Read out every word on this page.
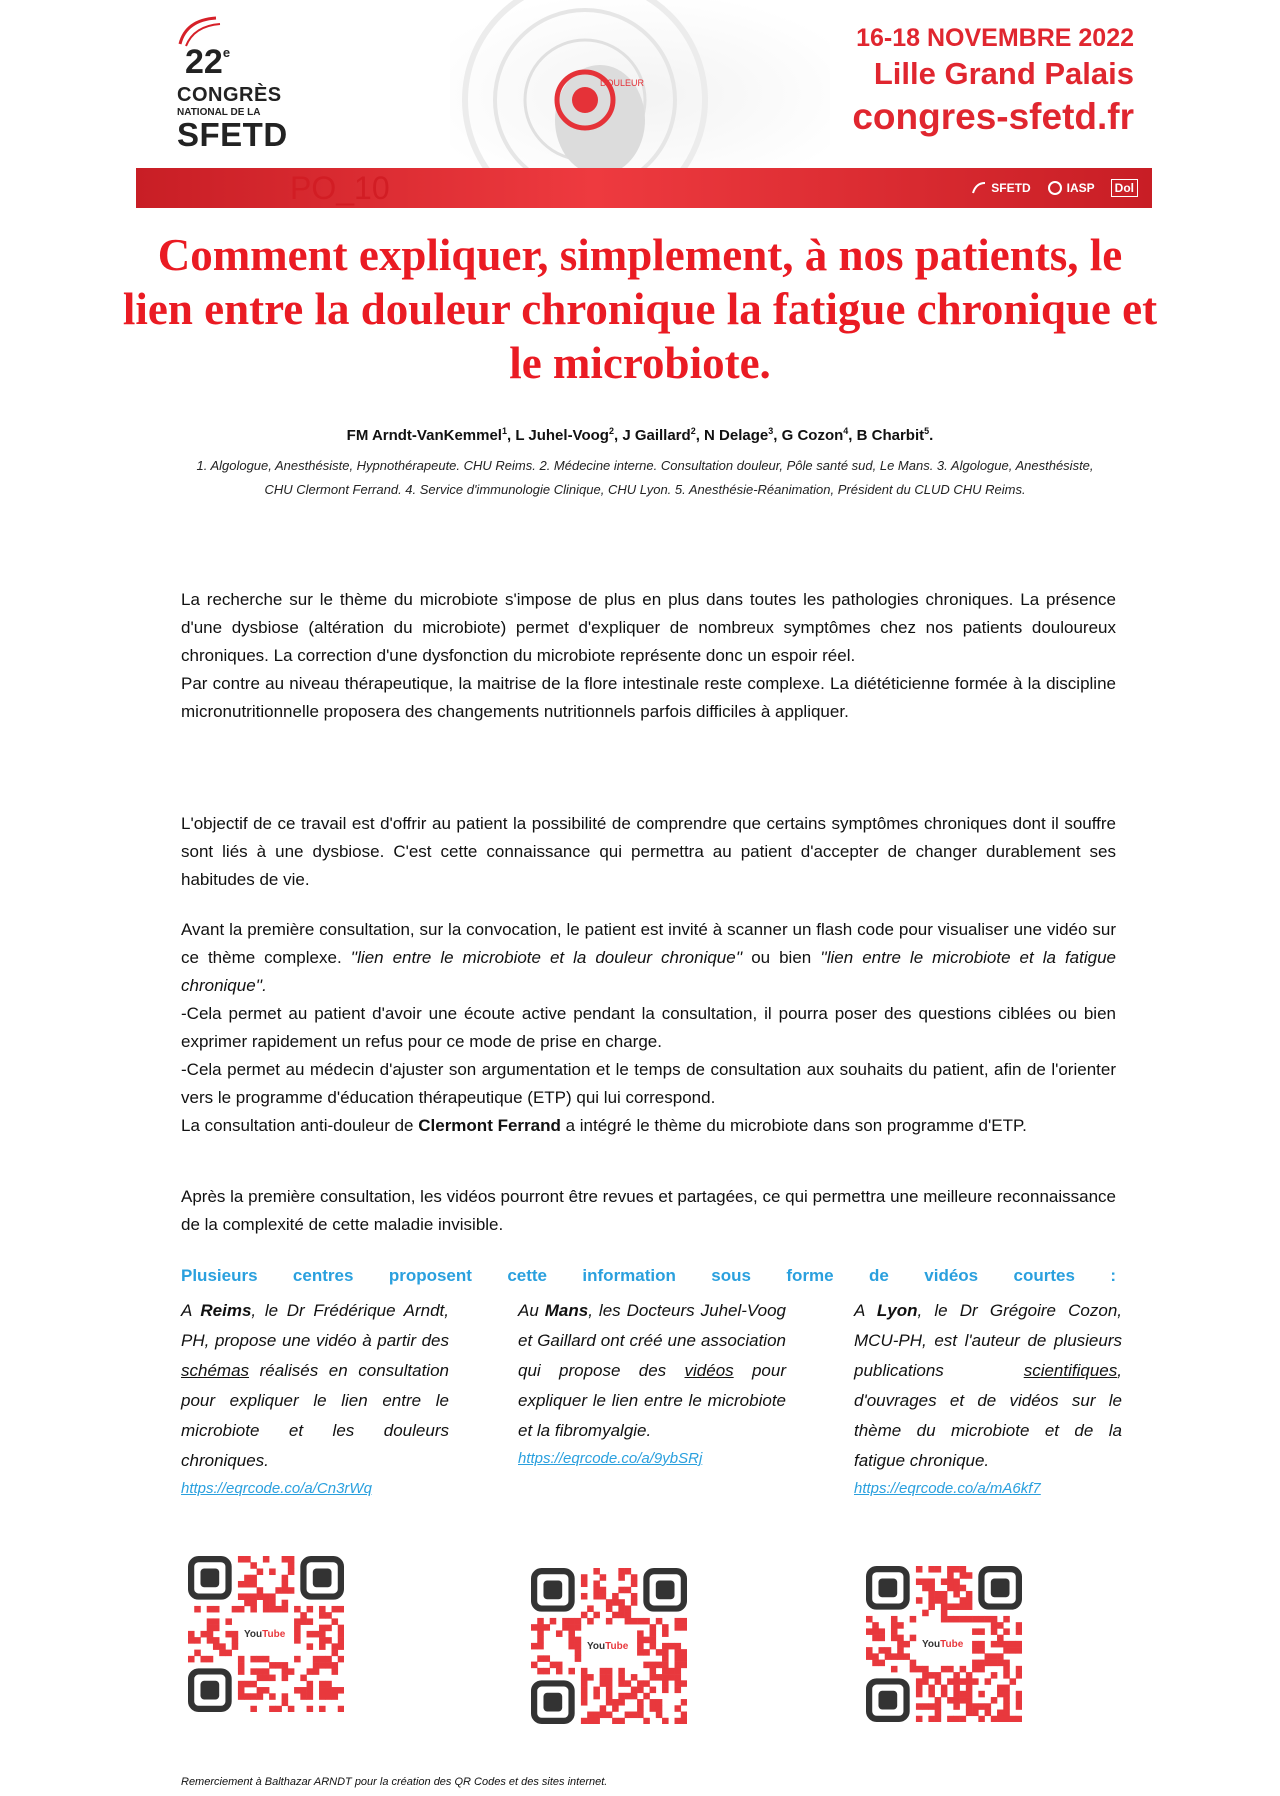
22e
CONGRÈS
NATIONAL DE LA
SFETD
DOULEUR
16-18 NOVEMBRE 2022
Lille Grand Palais
congres-sfetd.fr
PO_10	SFETD	IASP Dol
Comment expliquer, simplement, à nos patients, le lien entre la douleur chronique la fatigue chronique et le microbiote.
FM Arndt-VanKemmel$^1$, L Juhel-Voog$^2$, J Gaillard$^2$, N Delage$^3$, G Cozon$^4$, B Charbit$^5$.
1. Algologue, Anesthésiste, Hypnothérapeute. CHU Reims. 2. Médecine interne. Consultation douleur, Pôle santé sud, Le Mans. 3. Algologue, Anesthésiste, CHU Clermont Ferrand. 4. Service d'immunologie Clinique, CHU Lyon. 5. Anesthésie-Réanimation, Président du CLUD CHU Reims.

La recherche sur le thème du microbiote s'impose de plus en plus dans toutes les pathologies chroniques. La présence d'une dysbiose (altération du microbiote) permet d'expliquer de nombreux symptômes chez nos patients douloureux chroniques. La correction d'une dysfonction du microbiote représente donc un espoir réel.

Par contre au niveau thérapeutique, la maitrise de la flore intestinale reste complexe. La diététicienne formée à la discipline micronutritionnelle proposera des changements nutritionnels parfois difficiles à appliquer.

L'objectif de ce travail est d'offrir au patient la possibilité de comprendre que certains symptômes chroniques dont il souffre sont liés à une dysbiose. C'est cette connaissance qui permettra au patient d'accepter de changer durablement ses habitudes de vie.

Avant la première consultation, sur la convocation, le patient est invité à scanner un flash code pour visualiser une vidéo sur ce thème complexe. ''lien entre le microbiote et la douleur chronique'' ou bien ''lien entre le microbiote et la fatigue chronique''.

-Cela permet au patient d'avoir une écoute active pendant la consultation, il pourra poser des questions ciblées ou bien exprimer rapidement un refus pour ce mode de prise en charge.

-Cela permet au médecin d'ajuster son argumentation et le temps de consultation aux souhaits du patient, afin de l'orienter vers le programme d'éducation thérapeutique (ETP) qui lui correspond.

La consultation anti-douleur de Clermont Ferrand a intégré le thème du microbiote dans son programme d'ETP.

Après la première consultation, les vidéos pourront être revues et partagées, ce qui permettra une meilleure reconnaissance de la complexité de cette maladie invisible.

Plusieurs centres proposent cette information sous forme de vidéos courtes :
A Reims, le Dr Frédérique Arndt, PH, propose une vidéo à partir des schémas réalisés en consultation pour expliquer le lien entre le microbiote et les douleurs chroniques.
https://eqrcode.co/a/Cn3rWq
Au Mans, les Docteurs Juhel-Voog et Gaillard ont créé une association qui propose des vidéos pour expliquer le lien entre le microbiote et la fibromyalgie.
https://eqrcode.co/a/9ybSRj
A Lyon, le Dr Grégoire Cozon, MCU-PH, est l'auteur de plusieurs publications scientifiques, d'ouvrages et de vidéos sur le thème du microbiote et de la fatigue chronique.
https://eqrcode.co/a/mA6kf7
YouTube
YouTube	YouTube
Remerciement à Balthazar ARNDT pour la création des QR Codes et des sites internet.
